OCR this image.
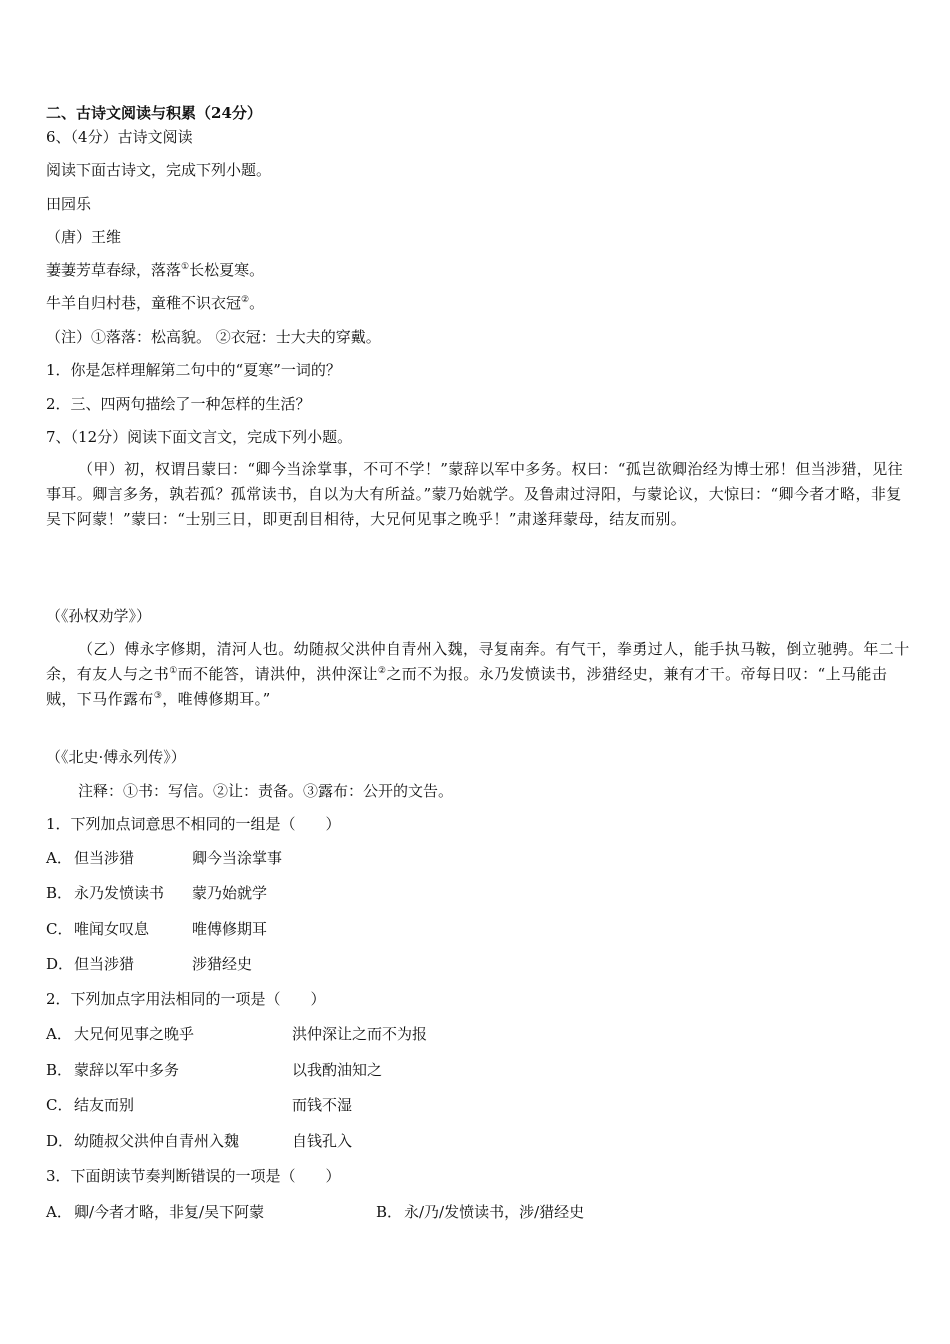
二、古诗文阅读与积累（24分）
6、（4分）古诗文阅读
阅读下面古诗文，完成下列小题。
田园乐
（唐）王维
萋萋芳草春绿，落落①长松夏寒。
牛羊自归村巷，童稚不识衣冠②。
（注）①落落：松高貌。 ②衣冠：士大夫的穿戴。
1．你是怎样理解第二句中的“夏寒”一词的？
2．三、四两句描绘了一种怎样的生活？
7、（12分）阅读下面文言文，完成下列小题。
（甲）初，权谓吕蒙曰：“卿今当涂掌事，不可不学！”蒙辞以军中多务。权曰：“孤岂欲卿治经为博士邪！但当涉猎，见往事耳。卿言多务，孰若孤？孤常读书，自以为大有所益。”蒙乃始就学。及鲁肃过浔阳，与蒙论议，大惊曰：“卿今者才略，非复吴下阿蒙！”蒙曰：“士别三日，即更刮目相待，大兄何见事之晚乎！”肃遂拜蒙母，结友而别。
（《孙权劝学》）
（乙）傅永字修期，清河人也。幼随叔父洪仲自青州入魏，寻复南奔。有气干，拳勇过人，能手执马鞍，倒立驰骋。年二十余，有友人与之书①而不能答，请洪仲，洪仲深让②之而不为报。永乃发愤读书，涉猎经史，兼有才干。帝每日叹：“上马能击贼，下马作露布③，唯傅修期耳。”
（《北史·傅永列传》）
注释：①书：写信。②让：责备。③露布：公开的文告。
1．下列加点词意思不相同的一组是（　　）
A． 但当涉猎	卿今当涂掌事
B． 永乃发愤读书 蒙乃始就学
C． 唯闻女叹息	唯傅修期耳
D．但当涉猎	涉猎经史
2．下列加点字用法相同的一项是（　　）
A． 大兄何见事之晚乎	洪仲深让之而不为报
B． 蒙辞以军中多务	以我酌油知之
C． 结友而别	而钱不湿
D．幼随叔父洪仲自青州入魏	自钱孔入
3．下面朗读节奏判断错误的一项是（　　）
A． 卿/今者才略，非复/吴下阿蒙	B． 永/乃/发愤读书，涉/猎经史
